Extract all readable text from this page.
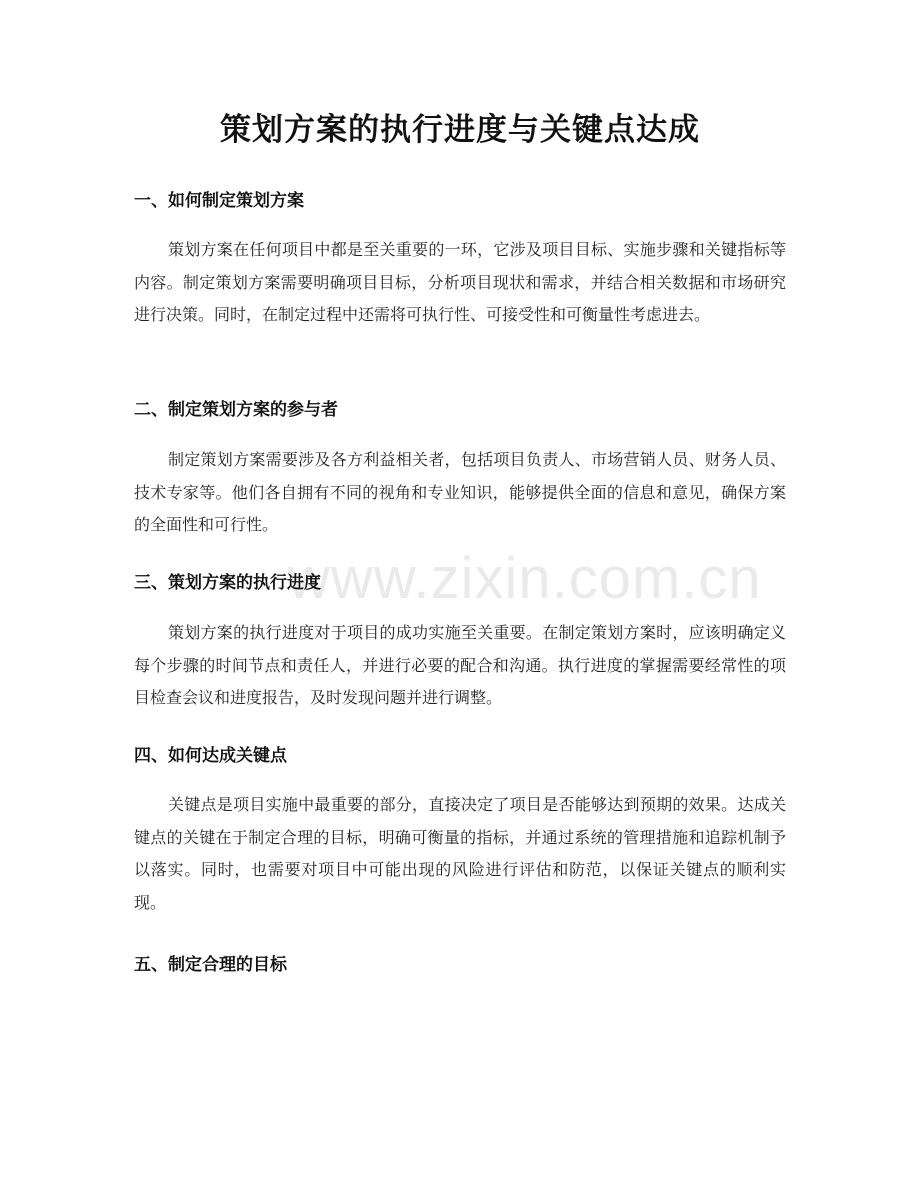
策划方案的执行进度与关键点达成
www.zixin.com.cn
一、如何制定策划方案

策划方案在任何项目中都是至关重要的一环，它涉及项目目标、实施步骤和关键指标等内容。制定策划方案需要明确项目目标，分析项目现状和需求，并结合相关数据和市场研究进行决策。同时，在制定过程中还需将可执行性、可接受性和可衡量性考虑进去。

二、制定策划方案的参与者

制定策划方案需要涉及各方利益相关者，包括项目负责人、市场营销人员、财务人员、技术专家等。他们各自拥有不同的视角和专业知识，能够提供全面的信息和意见，确保方案的全面性和可行性。

三、策划方案的执行进度

策划方案的执行进度对于项目的成功实施至关重要。在制定策划方案时，应该明确定义每个步骤的时间节点和责任人，并进行必要的配合和沟通。执行进度的掌握需要经常性的项目检查会议和进度报告，及时发现问题并进行调整。

四、如何达成关键点

关键点是项目实施中最重要的部分，直接决定了项目是否能够达到预期的效果。达成关键点的关键在于制定合理的目标，明确可衡量的指标，并通过系统的管理措施和追踪机制予以落实。同时，也需要对项目中可能出现的风险进行评估和防范，以保证关键点的顺利实现。

五、制定合理的目标
